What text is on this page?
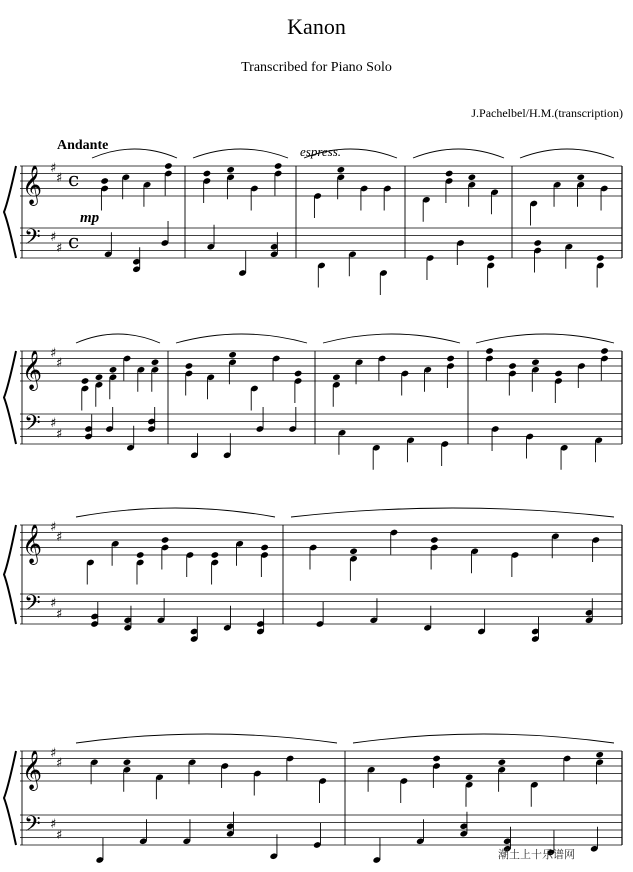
Kanon
Transcribed for Piano Solo
J.Pachelbel/H.M.(transcription)
Andante	espress.
mp
𝄞
𝄢
♯
♯
♯
♯
c
c
𝄞
𝄢
♯
♯
♯
♯
𝄞
𝄢
♯
♯
♯
♯
𝄞
𝄢
♯
♯
♯
♯
潮土上十乐谱网
